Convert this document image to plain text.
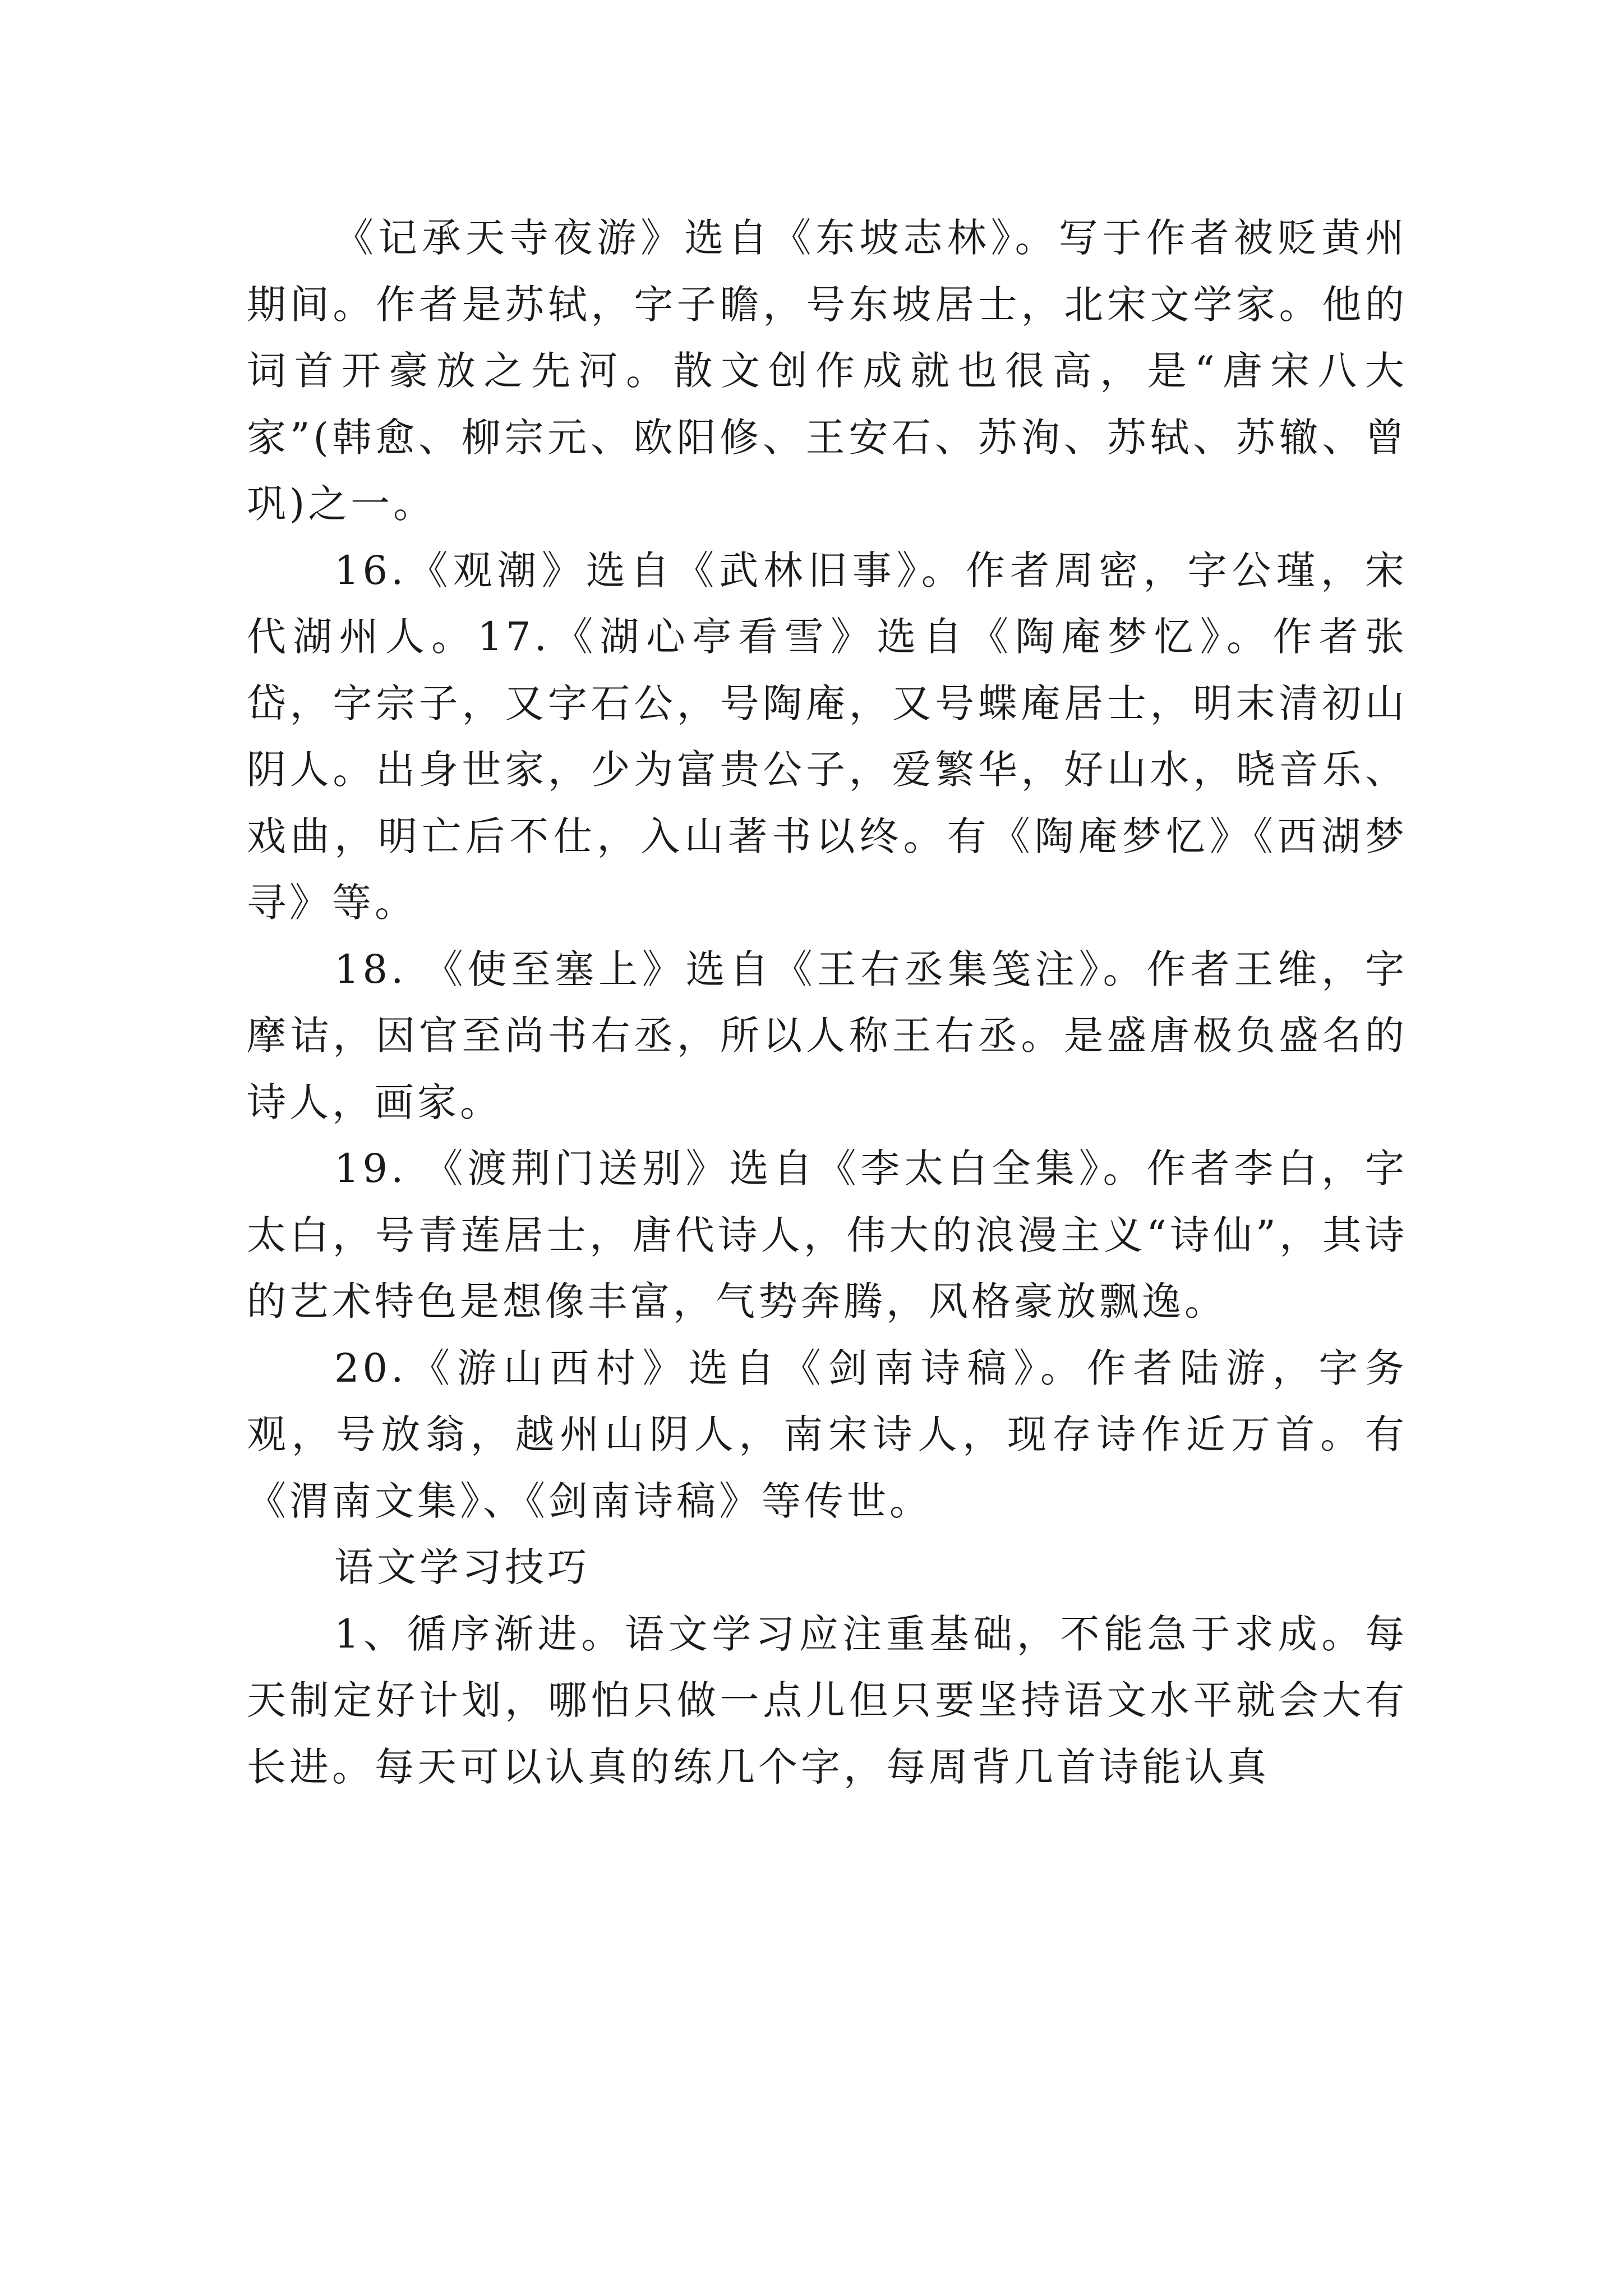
《记承天寺夜游》选自《东坡志林》。写于作者被贬黄州期间。作者是苏轼，字子瞻，号东坡居士，北宋文学家。他的词首开豪放之先河。散文创作成就也很高，是“唐宋八大家”(韩愈、柳宗元、欧阳修、王安石、苏洵、苏轼、苏辙、曾巩)之一。

16.《观潮》选自《武林旧事》。作者周密，字公瑾，宋代湖州人。17.《湖心亭看雪》选自《陶庵梦忆》。作者张岱，字宗子，又字石公，号陶庵，又号蝶庵居士，明末清初山阴人。出身世家，少为富贵公子，爱繁华，好山水，晓音乐、戏曲，明亡后不仕，入山著书以终。有《陶庵梦忆》《西湖梦寻》等。

18. 《使至塞上》选自《王右丞集笺注》。作者王维，字摩诘，因官至尚书右丞，所以人称王右丞。是盛唐极负盛名的诗人，画家。

19. 《渡荆门送别》选自《李太白全集》。作者李白，字太白，号青莲居士，唐代诗人，伟大的浪漫主义“诗仙”，其诗的艺术特色是想像丰富，气势奔腾，风格豪放飘逸。

20.《游山西村》选自《剑南诗稿》。作者陆游，字务观，号放翁，越州山阴人，南宋诗人，现存诗作近万首。有《渭南文集》、《剑南诗稿》等传世。

语文学习技巧

1、循序渐进。语文学习应注重基础，不能急于求成。每天制定好计划，哪怕只做一点儿但只要坚持语文水平就会大有长进。每天可以认真的练几个字，每周背几首诗能认真
